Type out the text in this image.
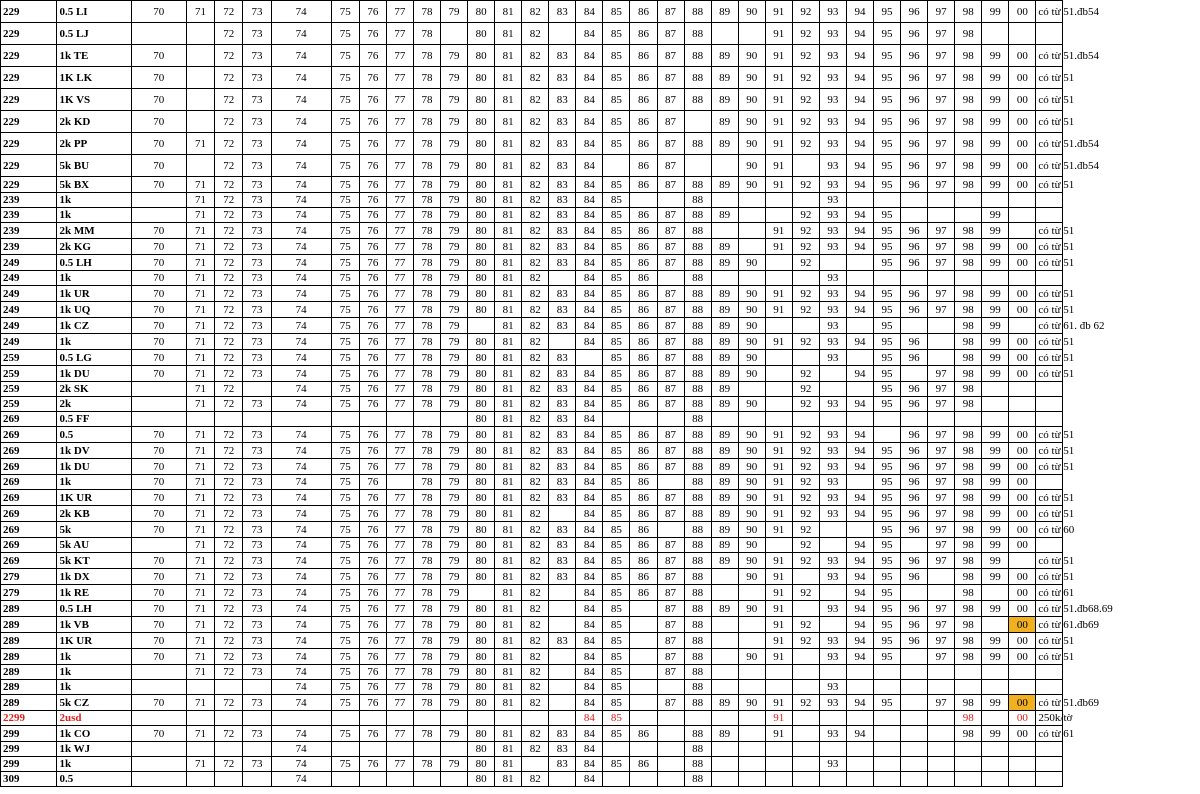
229	0.5 LI	70	71	72	73	74	75	76	77	78	79	80	81	82	83	84	85	86	87	88	89	90	91	92	93	94	95	96	97	98	99	00	có từ 51.đb54
229	0.5 LJ			72	73	74	75	76	77	78		80	81	82		84	85	86	87	88			91	92	93	94	95	96	97	98			
229	1k TE	70		72	73	74	75	76	77	78	79	80	81	82	83	84	85	86	87	88	89	90	91	92	93	94	95	96	97	98	99	00	có từ 51.đb54
229	1K LK	70		72	73	74	75	76	77	78	79	80	81	82	83	84	85	86	87	88	89	90	91	92	93	94	95	96	97	98	99	00	có từ 51
229	1K VS	70		72	73	74	75	76	77	78	79	80	81	82	83	84	85	86	87	88	89	90	91	92	93	94	95	96	97	98	99	00	có từ 51
229	2k KD	70		72	73	74	75	76	77	78	79	80	81	82	83	84	85	86	87		89	90	91	92	93	94	95	96	97	98	99	00	có từ 51
229	2k PP	70	71	72	73	74	75	76	77	78	79	80	81	82	83	84	85	86	87	88	89	90	91	92	93	94	95	96	97	98	99	00	có từ 51.đb54
229	5k BU	70		72	73	74	75	76	77	78	79	80	81	82	83	84		86	87			90	91		93	94	95	96	97	98	99	00	có từ 51.đb54
229	5k BX	70	71	72	73	74	75	76	77	78	79	80	81	82	83	84	85	86	87	88	89	90	91	92	93	94	95	96	97	98	99	00	có từ 51
239	1k		71	72	73	74	75	76	77	78	79	80	81	82	83	84	85			88					93								
239	1k		71	72	73	74	75	76	77	78	79	80	81	82	83	84	85	86	87	88	89			92	93	94	95				99		
239	2k MM	70	71	72	73	74	75	76	77	78	79	80	81	82	83	84	85	86	87	88			91	92	93	94	95	96	97	98	99		có từ 51
239	2k KG	70	71	72	73	74	75	76	77	78	79	80	81	82	83	84	85	86	87	88	89		91	92	93	94	95	96	97	98	99	00	có từ 51
249	0.5 LH	70	71	72	73	74	75	76	77	78	79	80	81	82	83	84	85	86	87	88	89	90		92			95	96	97	98	99	00	có từ 51
249	1k	70	71	72	73	74	75	76	77	78	79	80	81	82		84	85	86		88					93								
249	1k UR	70	71	72	73	74	75	76	77	78	79	80	81	82	83	84	85	86	87	88	89	90	91	92	93	94	95	96	97	98	99	00	có từ 51
249	1k UQ	70	71	72	73	74	75	76	77	78	79	80	81	82	83	84	85	86	87	88	89	90	91	92	93	94	95	96	97	98	99	00	có từ 51
249	1k CZ	70	71	72	73	74	75	76	77	78	79		81	82	83	84	85	86	87	88	89	90			93		95			98	99		có từ 61. đb 62
249	1k	70	71	72	73	74	75	76	77	78	79	80	81	82		84	85	86	87	88	89	90	91	92	93	94	95	96		98	99	00	có từ 51
259	0.5 LG	70	71	72	73	74	75	76	77	78	79	80	81	82	83		85	86	87	88	89	90			93		95	96		98	99	00	có từ 51
259	1k DU	70	71	72	73	74	75	76	77	78	79	80	81	82	83	84	85	86	87	88	89	90		92		94	95		97	98	99	00	có từ 51
259	2k SK		71	72		74	75	76	77	78	79	80	81	82	83	84	85	86	87	88	89			92			95	96	97	98			
259	2k		71	72	73	74	75	76	77	78	79	80	81	82	83	84	85	86	87	88	89	90		92	93	94	95	96	97	98			
269	0.5 FF											80	81	82	83	84				88													
269	0.5	70	71	72	73	74	75	76	77	78	79	80	81	82	83	84	85	86	87	88	89	90	91	92	93	94		96	97	98	99	00	có từ 51
269	1k DV	70	71	72	73	74	75	76	77	78	79	80	81	82	83	84	85	86	87	88	89	90	91	92	93	94	95	96	97	98	99	00	có từ 51
269	1k DU	70	71	72	73	74	75	76	77	78	79	80	81	82	83	84	85	86	87	88	89	90	91	92	93	94	95	96	97	98	99	00	có từ 51
269	1k	70	71	72	73	74	75	76		78	79	80	81	82	83	84	85	86		88	89	90	91	92	93		95	96	97	98	99	00	
269	1K UR	70	71	72	73	74	75	76	77	78	79	80	81	82	83	84	85	86	87	88	89	90	91	92	93	94	95	96	97	98	99	00	có từ 51
269	2k KB	70	71	72	73	74	75	76	77	78	79	80	81	82		84	85	86	87	88	89	90	91	92	93	94	95	96	97	98	99	00	có từ 51
269	5k	70	71	72	73	74	75	76	77	78	79	80	81	82	83	84	85	86		88	89	90	91	92			95	96	97	98	99	00	có từ 60
269	5k AU		71	72	73	74	75	76	77	78	79	80	81	82	83	84	85	86	87	88	89	90		92		94	95		97	98	99	00	
269	5k KT	70	71	72	73	74	75	76	77	78	79	80	81	82	83	84	85	86	87	88	89	90	91	92	93	94	95	96	97	98	99		có từ 51
279	1k DX	70	71	72	73	74	75	76	77	78	79	80	81	82	83	84	85	86	87	88		90	91		93	94	95	96		98	99	00	có từ 51
279	1k RE	70	71	72	73	74	75	76	77	78	79		81	82		84	85	86	87	88			91	92		94	95			98		00	có từ 61
289	0.5 LH	70	71	72	73	74	75	76	77	78	79	80	81	82		84	85		87	88	89	90	91		93	94	95	96	97	98	99	00	có từ 51.đb68.69
289	1k VB	70	71	72	73	74	75	76	77	78	79	80	81	82		84	85		87	88			91	92		94	95	96	97	98		00	có từ 61.đb69
289	1K UR	70	71	72	73	74	75	76	77	78	79	80	81	82	83	84	85		87	88			91	92	93	94	95	96	97	98	99	00	có từ 51
289	1k	70	71	72	73	74	75	76	77	78	79	80	81	82		84	85		87	88		90	91		93	94	95		97	98	99	00	có từ 51
289	1k		71	72	73	74	75	76	77	78	79	80	81	82		84	85		87	88													
289	1k					74	75	76	77	78	79	80	81	82		84	85			88					93								
289	5k CZ	70	71	72	73	74	75	76	77	78	79	80	81	82		84	85		87	88	89	90	91	92	93	94	95		97	98	99	00	có từ 51.đb69
2299	2usd															84	85						91							98		00	250k/tờ
299	1k CO	70	71	72	73	74	75	76	77	78	79	80	81	82	83	84	85	86		88	89		91		93	94				98	99	00	có từ 61
299	1k WJ					74						80	81	82	83	84				88													
299	1k		71	72	73	74	75	76	77	78	79	80	81		83	84	85	86		88					93								
309	0.5					74						80	81	82		84				88													
